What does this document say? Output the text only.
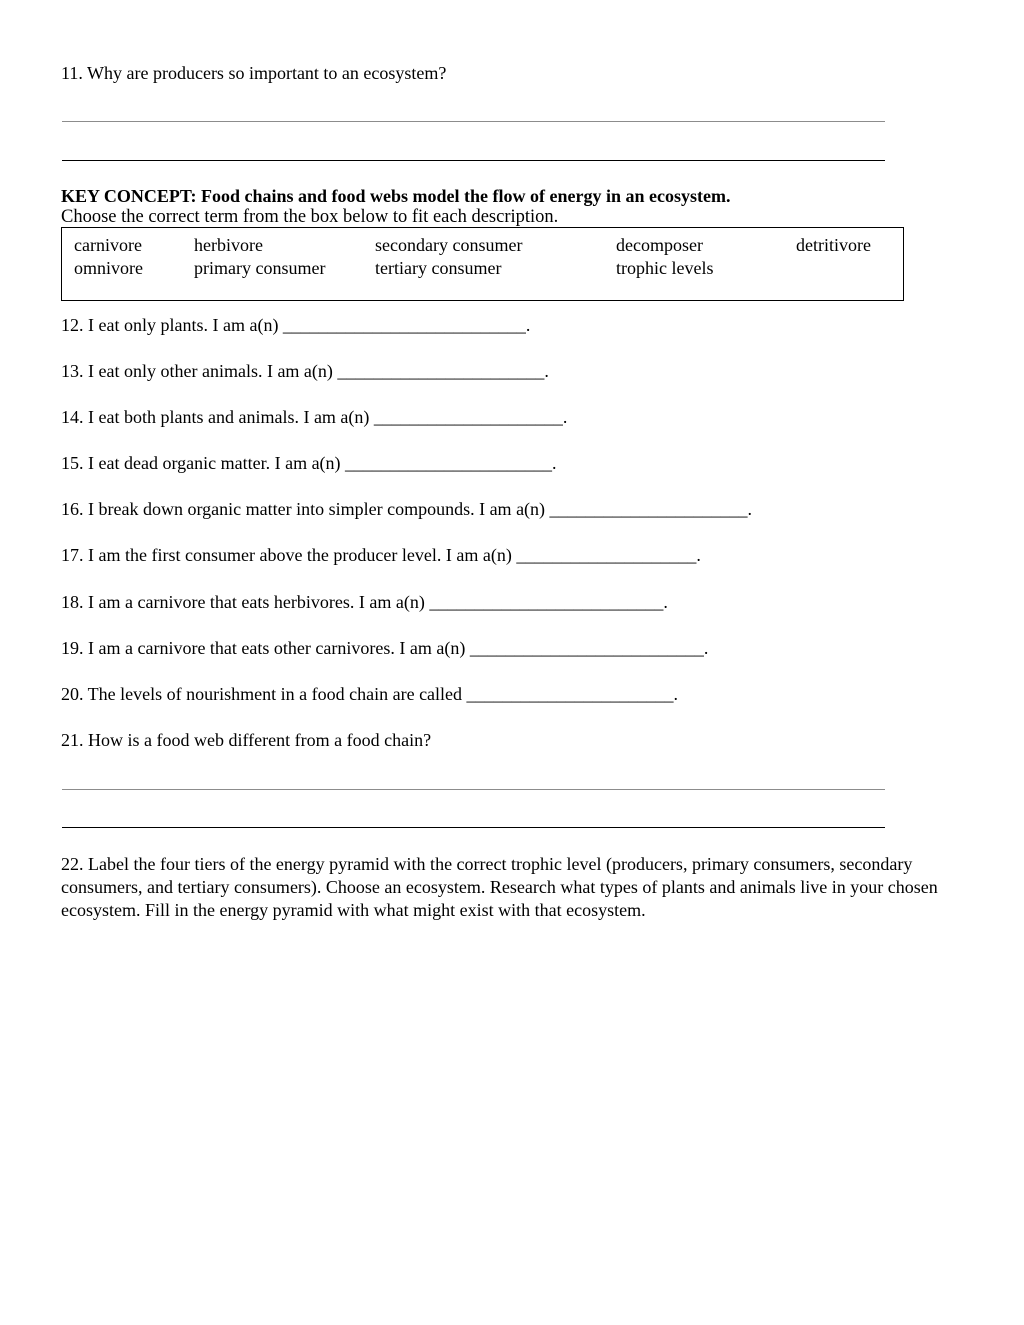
11. Why are producers so important to an ecosystem?
KEY CONCEPT: Food chains and food webs model the flow of energy in an ecosystem.
Choose the correct term from the box below to fit each description.
carnivore	herbivore	secondary consumer	decomposer	detritivore
omnivore	primary consumer	tertiary consumer	trophic levels
12. I eat only plants. I am a(n) ___________________________.
13. I eat only other animals. I am a(n) _______________________.
14. I eat both plants and animals. I am a(n) _____________________.
15. I eat dead organic matter. I am a(n) _______________________.
16. I break down organic matter into simpler compounds. I am a(n) ______________________.
17. I am the first consumer above the producer level. I am a(n) ____________________.
18. I am a carnivore that eats herbivores. I am a(n) __________________________.
19. I am a carnivore that eats other carnivores. I am a(n) __________________________.
20. The levels of nourishment in a food chain are called _______________________.
21. How is a food web different from a food chain?
22. Label the four tiers of the energy pyramid with the correct trophic level (producers, primary consumers, secondary consumers, and tertiary consumers). Choose an ecosystem. Research what types of plants and animals live in your chosen ecosystem. Fill in the energy pyramid with what might exist with that ecosystem.
